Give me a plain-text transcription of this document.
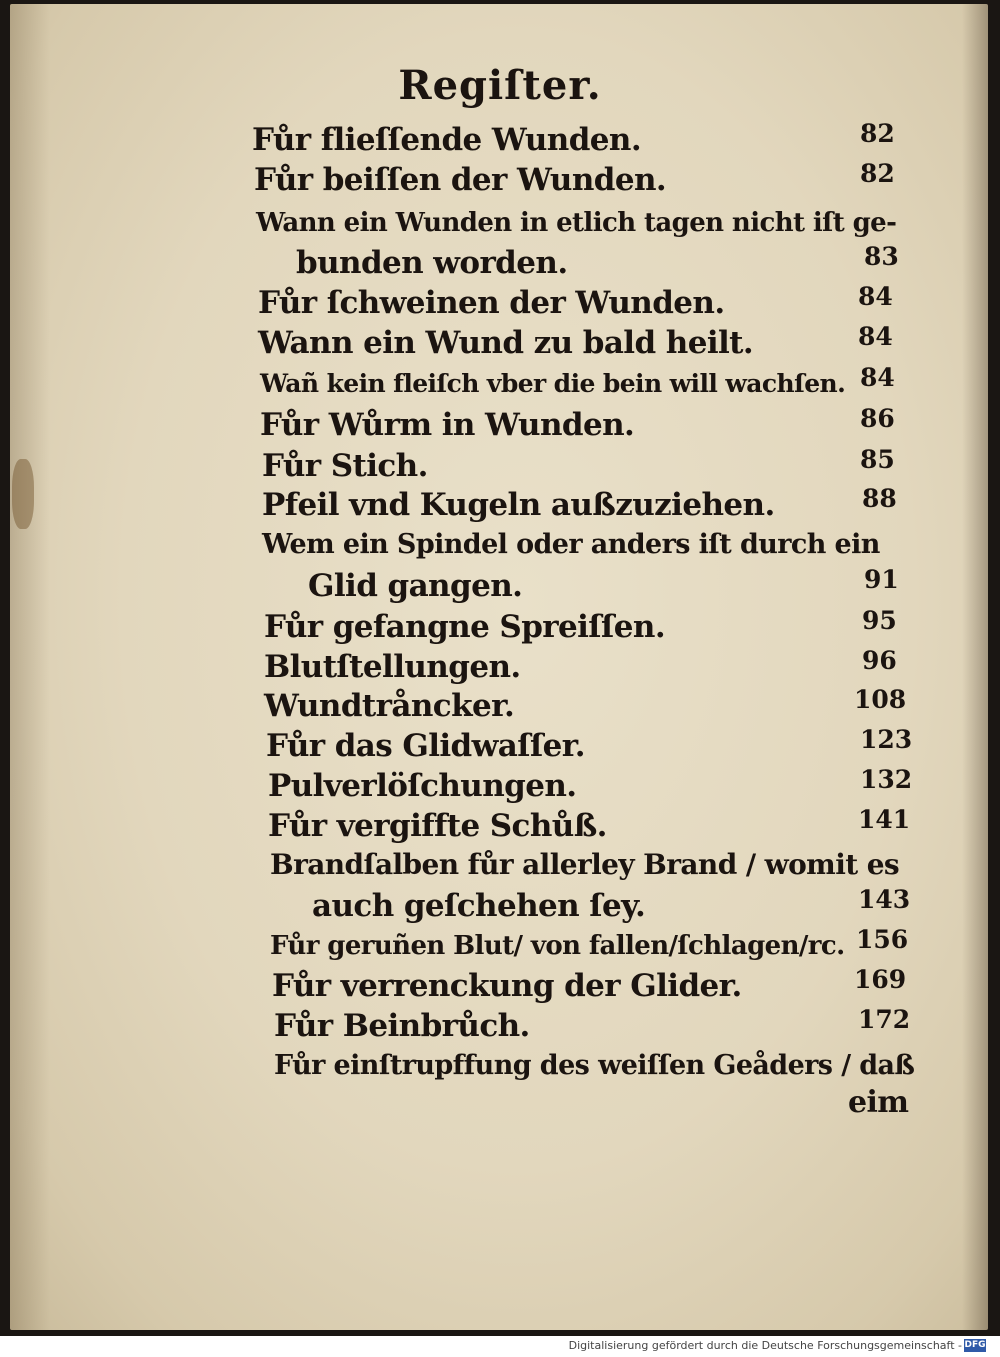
Regiſter.
Fůr flieſſende Wunden.	82
Fůr beiſſen der Wunden.	82
Wann ein Wunden in etlich tagen nicht iſt ge-
bunden worden.	83
Fůr ſchweinen der Wunden.	84
Wann ein Wund zu bald heilt.	84
Wañ kein fleiſch vber die bein will wachſen. 84
Fůr Wůrm in Wunden.	86
Fůr Stich.	85
Pfeil vnd Kugeln außzuziehen.	88
Wem ein Spindel oder anders iſt durch ein
Glid gangen.	91
Fůr gefangne Spreiſſen.	95
Blutſtellungen.	96
Wundtråncker.	108
Fůr das Glidwaſſer.	123
Pulverlöſchungen.	132
Fůr vergiffte Schůß.	141
Brandſalben fůr allerley Brand / womit es
auch geſchehen ſey.	143
Fůr geruñen Blut/ von fallen/ſchlagen/rc. 156
Fůr verrenckung der Glider.	169
Fůr Beinbrůch.	172
Fůr einſtrupffung des weiſſen Geåders / daß
eim
Digitalisierung gefördert durch die Deutsche Forschungsgemeinschaft - DFG
